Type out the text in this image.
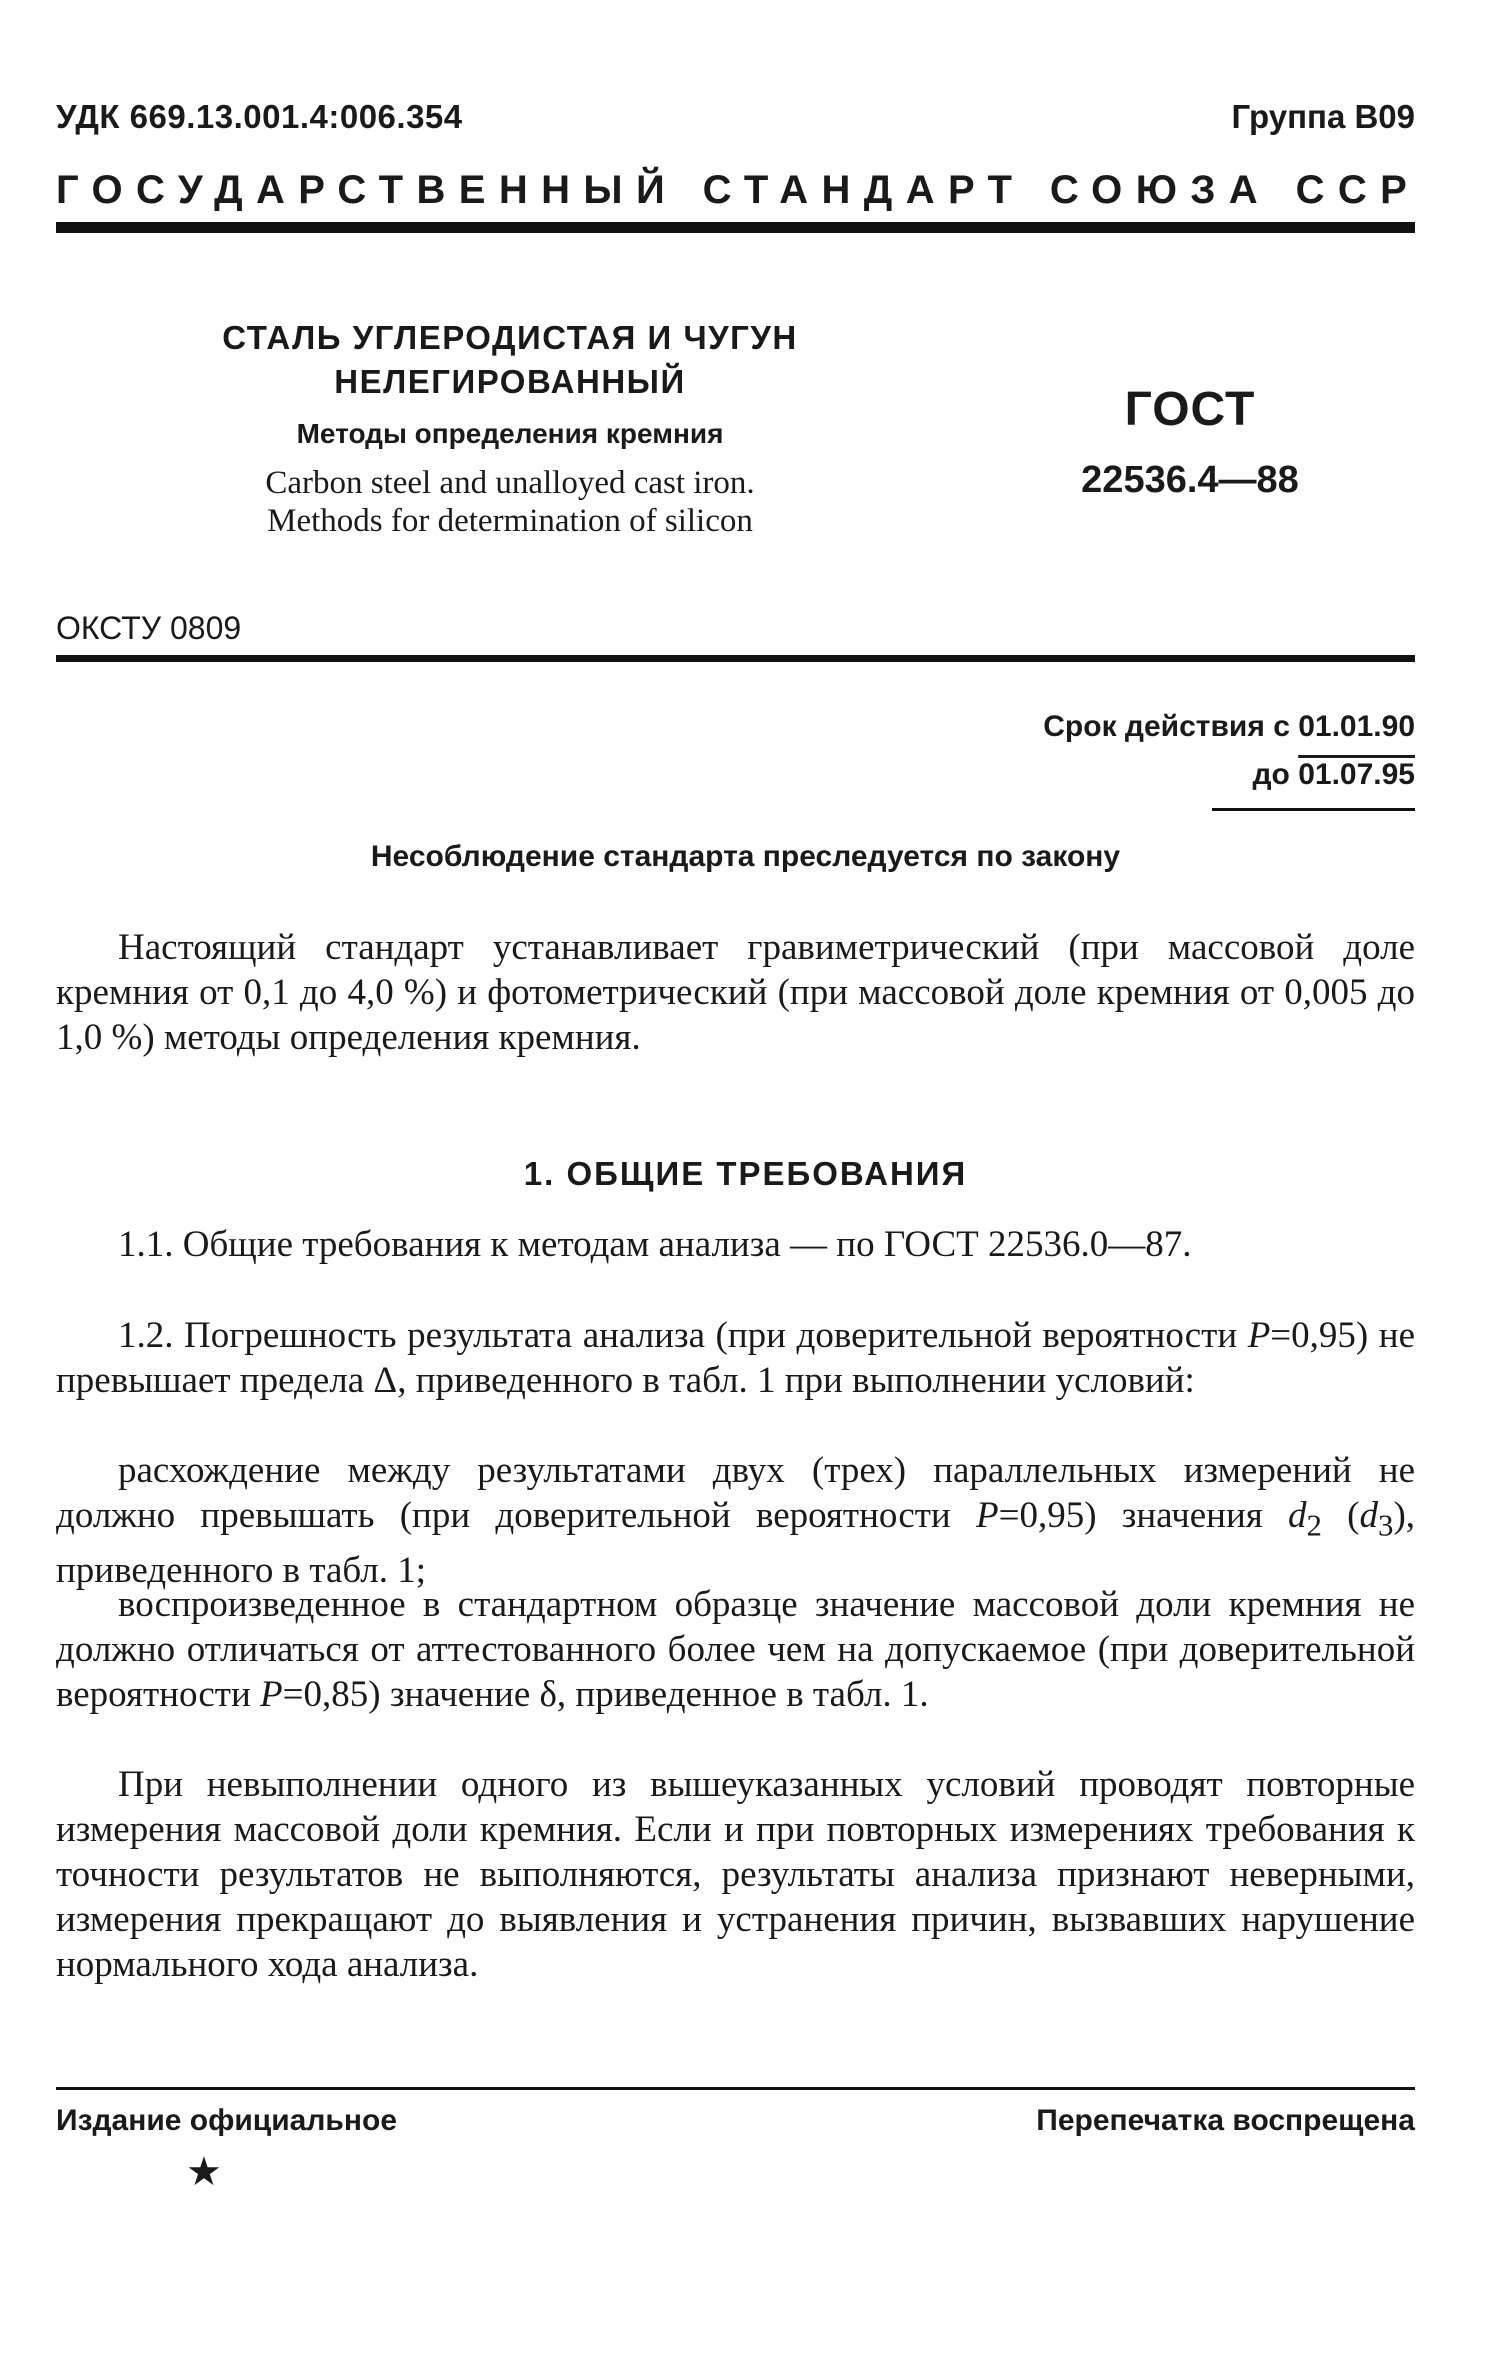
УДК 669.13.001.4:006.354	Группа В09
ГОСУДАРСТВЕННЫЙ СТАНДАРТ СОЮЗА ССР
СТАЛЬ УГЛЕРОДИСТАЯ И ЧУГУН
НЕЛЕГИРОВАННЫЙ
Методы определения кремния
Carbon steel and unalloyed cast iron.
Methods for determination of silicon
ГОСТ
22536.4—88
ОКСТУ 0809
Срок действия с 01.01.90
до 01.07.95
Несоблюдение стандарта преследуется по закону
Настоящий стандарт устанавливает гравиметрический (при массовой доле кремния от 0,1 до 4,0 %) и фотометрический (при массовой доле кремния от 0,005 до 1,0 %) методы определения кремния.
1. ОБЩИЕ ТРЕБОВАНИЯ
1.1. Общие требования к методам анализа — по ГОСТ 22536.0—87.
1.2. Погрешность результата анализа (при доверительной вероятности P=0,95) не превышает предела Δ, приведенного в табл. 1 при выполнении условий:
расхождение между результатами двух (трех) параллельных измерений не должно превышать (при доверительной вероятности P=0,95) значения $d_2$ $(d_3)$, приведенного в табл. 1;
воспроизведенное в стандартном образце значение массовой доли кремния не должно отличаться от аттестованного более чем на допускаемое (при доверительной вероятности P=0,85) значение δ, приведенное в табл. 1.
При невыполнении одного из вышеуказанных условий проводят повторные измерения массовой доли кремния. Если и при повторных измерениях требования к точности результатов не выполняются, результаты анализа признают неверными, измерения прекращают до выявления и устранения причин, вызвавших нарушение нормального хода анализа.
Издание официальное	Перепечатка воспрещена
★
